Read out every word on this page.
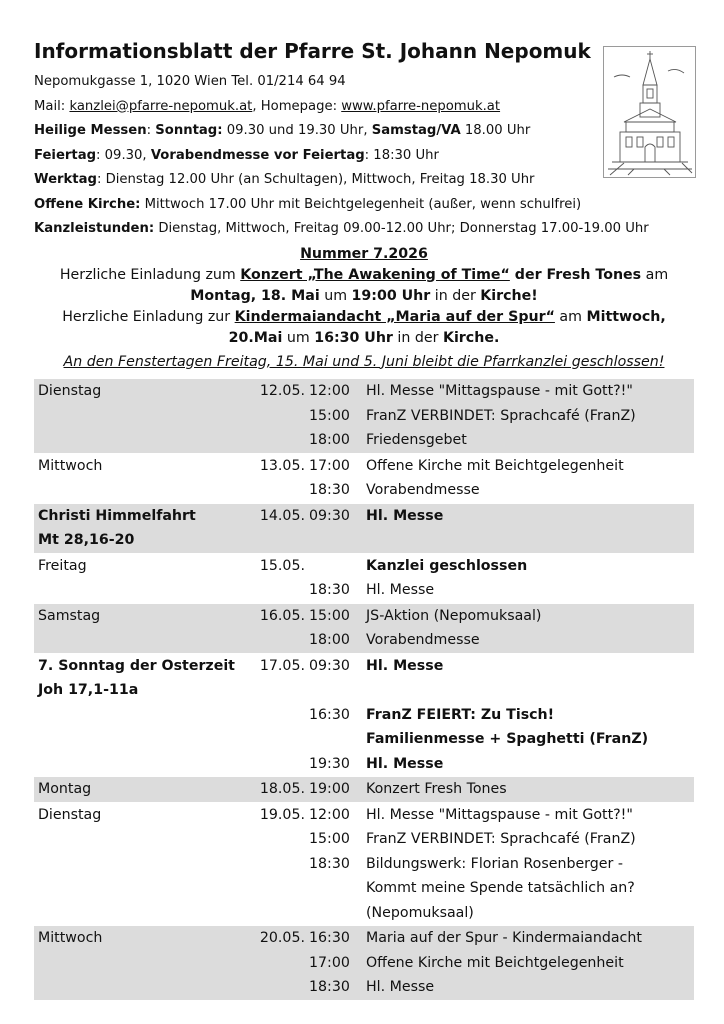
Informationsblatt der Pfarre St. Johann Nepomuk
Nepomukgasse 1, 1020 Wien Tel. 01/214 64 94
Mail: kanzlei@pfarre-nepomuk.at, Homepage: www.pfarre-nepomuk.at
Heilige Messen: Sonntag: 09.30 und 19.30 Uhr, Samstag/VA 18.00 Uhr
Feiertag: 09.30, Vorabendmesse vor Feiertag: 18:30 Uhr
Werktag: Dienstag 12.00 Uhr (an Schultagen), Mittwoch, Freitag 18.30 Uhr
Offene Kirche: Mittwoch 17.00 Uhr mit Beichtgelegenheit (außer, wenn schulfrei)
Kanzleistunden: Dienstag, Mittwoch, Freitag 09.00-12.00 Uhr; Donnerstag 17.00-19.00 Uhr
Nummer 7.2026
Herzliche Einladung zum Konzert „The Awakening of Time“ der Fresh Tones am
Montag, 18. Mai um 19:00 Uhr in der Kirche!
Herzliche Einladung zur Kindermaiandacht „Maria auf der Spur“ am Mittwoch,
20.Mai um 16:30 Uhr in der Kirche.
An den Fenstertagen Freitag, 15. Mai und 5. Juni bleibt die Pfarrkanzlei geschlossen!
Dienstag	12.05. 12:00 Hl. Messe "Mittagspause - mit Gott?!"
15:00 FranZ VERBINDET: Sprachcafé (FranZ)
18:00 Friedensgebet
Mittwoch	13.05. 17:00 Offene Kirche mit Beichtgelegenheit
18:30 Vorabendmesse
Christi Himmelfahrt
Mt 28,16-20
14.05. 09:30 Hl. Messe
Freitag	15.05.	Kanzlei geschlossen
18:30 Hl. Messe
Samstag	16.05. 15:00 JS-Aktion (Nepomuksaal)
18:00 Vorabendmesse
7. Sonntag der Osterzeit
Joh 17,1-11a
17.05. 09:30 Hl. Messe
16:30 FranZ FEIERT: Zu Tisch!
Familienmesse + Spaghetti (FranZ)
19:30 Hl. Messe
Montag	18.05. 19:00 Konzert Fresh Tones
Dienstag	19.05. 12:00 Hl. Messe "Mittagspause - mit Gott?!"
15:00 FranZ VERBINDET: Sprachcafé (FranZ)
18:30 Bildungswerk: Florian Rosenberger -
Kommt meine Spende tatsächlich an?
(Nepomuksaal)
Mittwoch	20.05. 16:30 Maria auf der Spur - Kindermaiandacht
17:00 Offene Kirche mit Beichtgelegenheit
18:30 Hl. Messe
